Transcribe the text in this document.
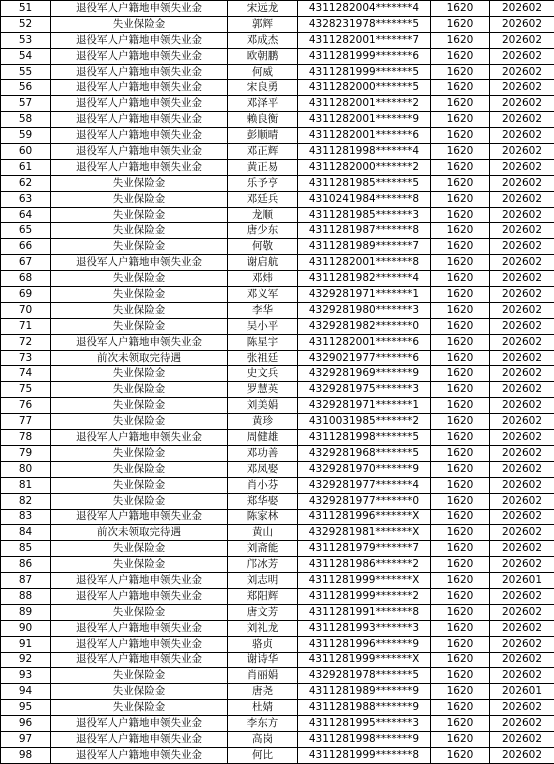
51	退役军人户籍地申领失业金	宋远龙	4311282004*******4	1620	202602
52	失业保险金	郭辉	4328231978*******5	1620	202602
53	退役军人户籍地申领失业金	邓成杰	4311282001*******7	1620	202602
54	退役军人户籍地申领失业金	欧朝鹏	4311281999*******6	1620	202602
55	退役军人户籍地申领失业金	何威	4311281999*******5	1620	202602
56	退役军人户籍地申领失业金	宋良勇	4311282000*******5	1620	202602
57	退役军人户籍地申领失业金	邓泽平	4311282001*******2	1620	202602
58	退役军人户籍地申领失业金	赖良衡	4311282001*******9	1620	202602
59	退役军人户籍地申领失业金	彭顺晴	4311282001*******6	1620	202602
60	退役军人户籍地申领失业金	邓正辉	4311281998*******4	1620	202602
61	退役军人户籍地申领失业金	黄正易	4311282000*******2	1620	202602
62	失业保险金	乐予亨	4311281985*******5	1620	202602
63	失业保险金	邓廷兵	4310241984*******8	1620	202602
64	失业保险金	龙顺	4311281985*******3	1620	202602
65	失业保险金	唐少东	4311281987*******8	1620	202602
66	失业保险金	何敬	4311281989*******7	1620	202602
67	退役军人户籍地申领失业金	谢启航	4311282001*******8	1620	202602
68	失业保险金	邓炜	4311281982*******4	1620	202602
69	失业保险金	邓义军	4329281971*******1	1620	202602
70	失业保险金	李华	4329281980*******3	1620	202602
71	失业保险金	吴小平	4329281982*******0	1620	202602
72	退役军人户籍地申领失业金	陈星宇	4311282001*******6	1620	202602
73	前次未领取完待遇	张祖廷	4329021977*******6	1620	202602
74	失业保险金	史文兵	4329281969*******9	1620	202602
75	失业保险金	罗慧英	4329281975*******3	1620	202602
76	失业保险金	刘美娟	4329281971*******1	1620	202602
77	失业保险金	黄珍	4310031985*******2	1620	202602
78	退役军人户籍地申领失业金	周健雄	4311281998*******5	1620	202602
79	失业保险金	邓功善	4329281968*******5	1620	202602
80	失业保险金	邓凤娶	4329281970*******9	1620	202602
81	失业保险金	肖小芬	4329281977*******4	1620	202602
82	失业保险金	郑华娶	4329281977*******0	1620	202602
83	退役军人户籍地申领失业金	陈家林	4311281996*******X	1620	202602
84	前次未领取完待遇	黄山	4329281981*******X	1620	202602
85	失业保险金	刘斋能	4311281979*******7	1620	202602
86	失业保险金	邝冰芳	4311281986*******2	1620	202602
87	退役军人户籍地申领失业金	刘志明	4311281999*******X	1620	202601
88	退役军人户籍地申领失业金	郑阳辉	4311281999*******2	1620	202602
89	失业保险金	唐文芳	4311281991*******8	1620	202602
90	退役军人户籍地申领失业金	刘礼龙	4311281993*******3	1620	202602
91	退役军人户籍地申领失业金	骆贞	4311281996*******9	1620	202602
92	退役军人户籍地申领失业金	谢诗华	4311281999*******X	1620	202602
93	失业保险金	肖丽娟	4329281978*******5	1620	202602
94	失业保险金	唐尧	4311281989*******9	1620	202601
95	失业保险金	杜婧	4311281988*******9	1620	202602
96	退役军人户籍地申领失业金	李东方	4311281995*******3	1620	202602
97	退役军人户籍地申领失业金	高岗	4311281998*******9	1620	202602
98	退役军人户籍地申领失业金	何比	4311281999*******8	1620	202602
